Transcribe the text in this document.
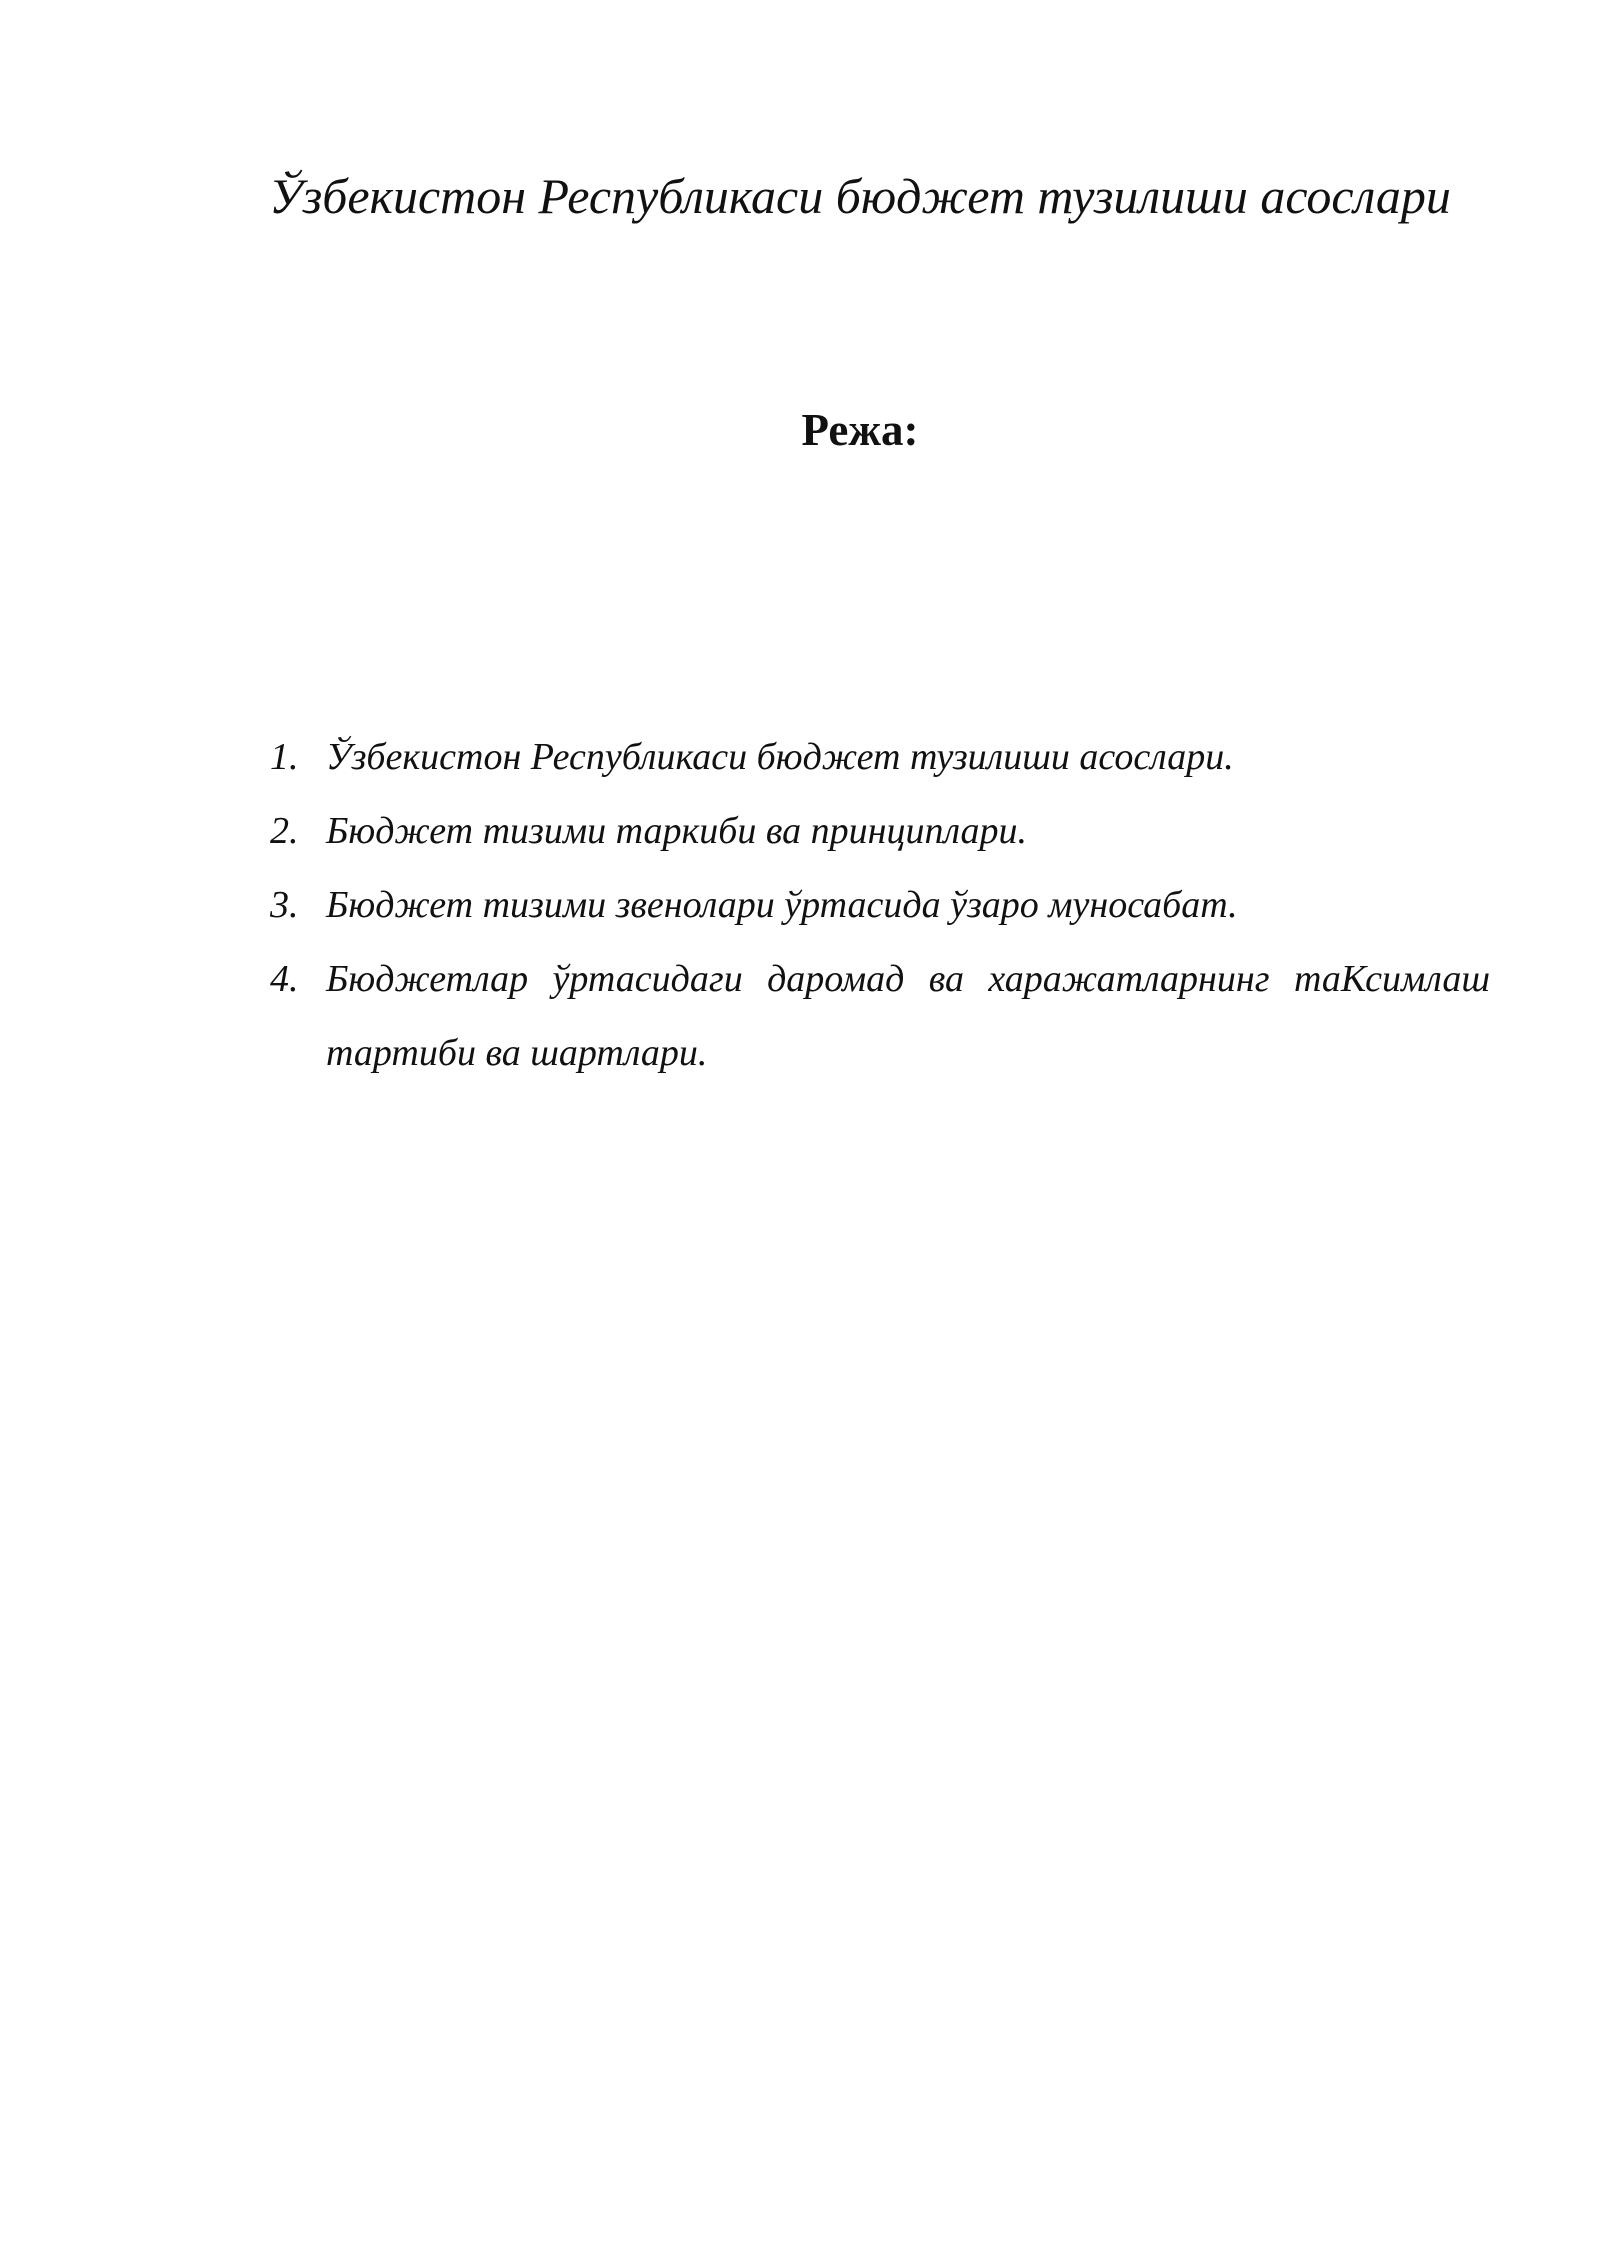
Ўзбекистон Республикаси бюджет тузилиши асослари
Режа:
1. Ўзбекистон Республикаси бюджет тузилиши асослари.
2. Бюджет тизими таркиби ва принциплари.
3. Бюджет тизими звенолари ўртасида ўзаро муносабат.
4. Бюджетлар ўртасидаги даромад ва харажатларнинг таКсимлаш тартиби ва шартлари.
